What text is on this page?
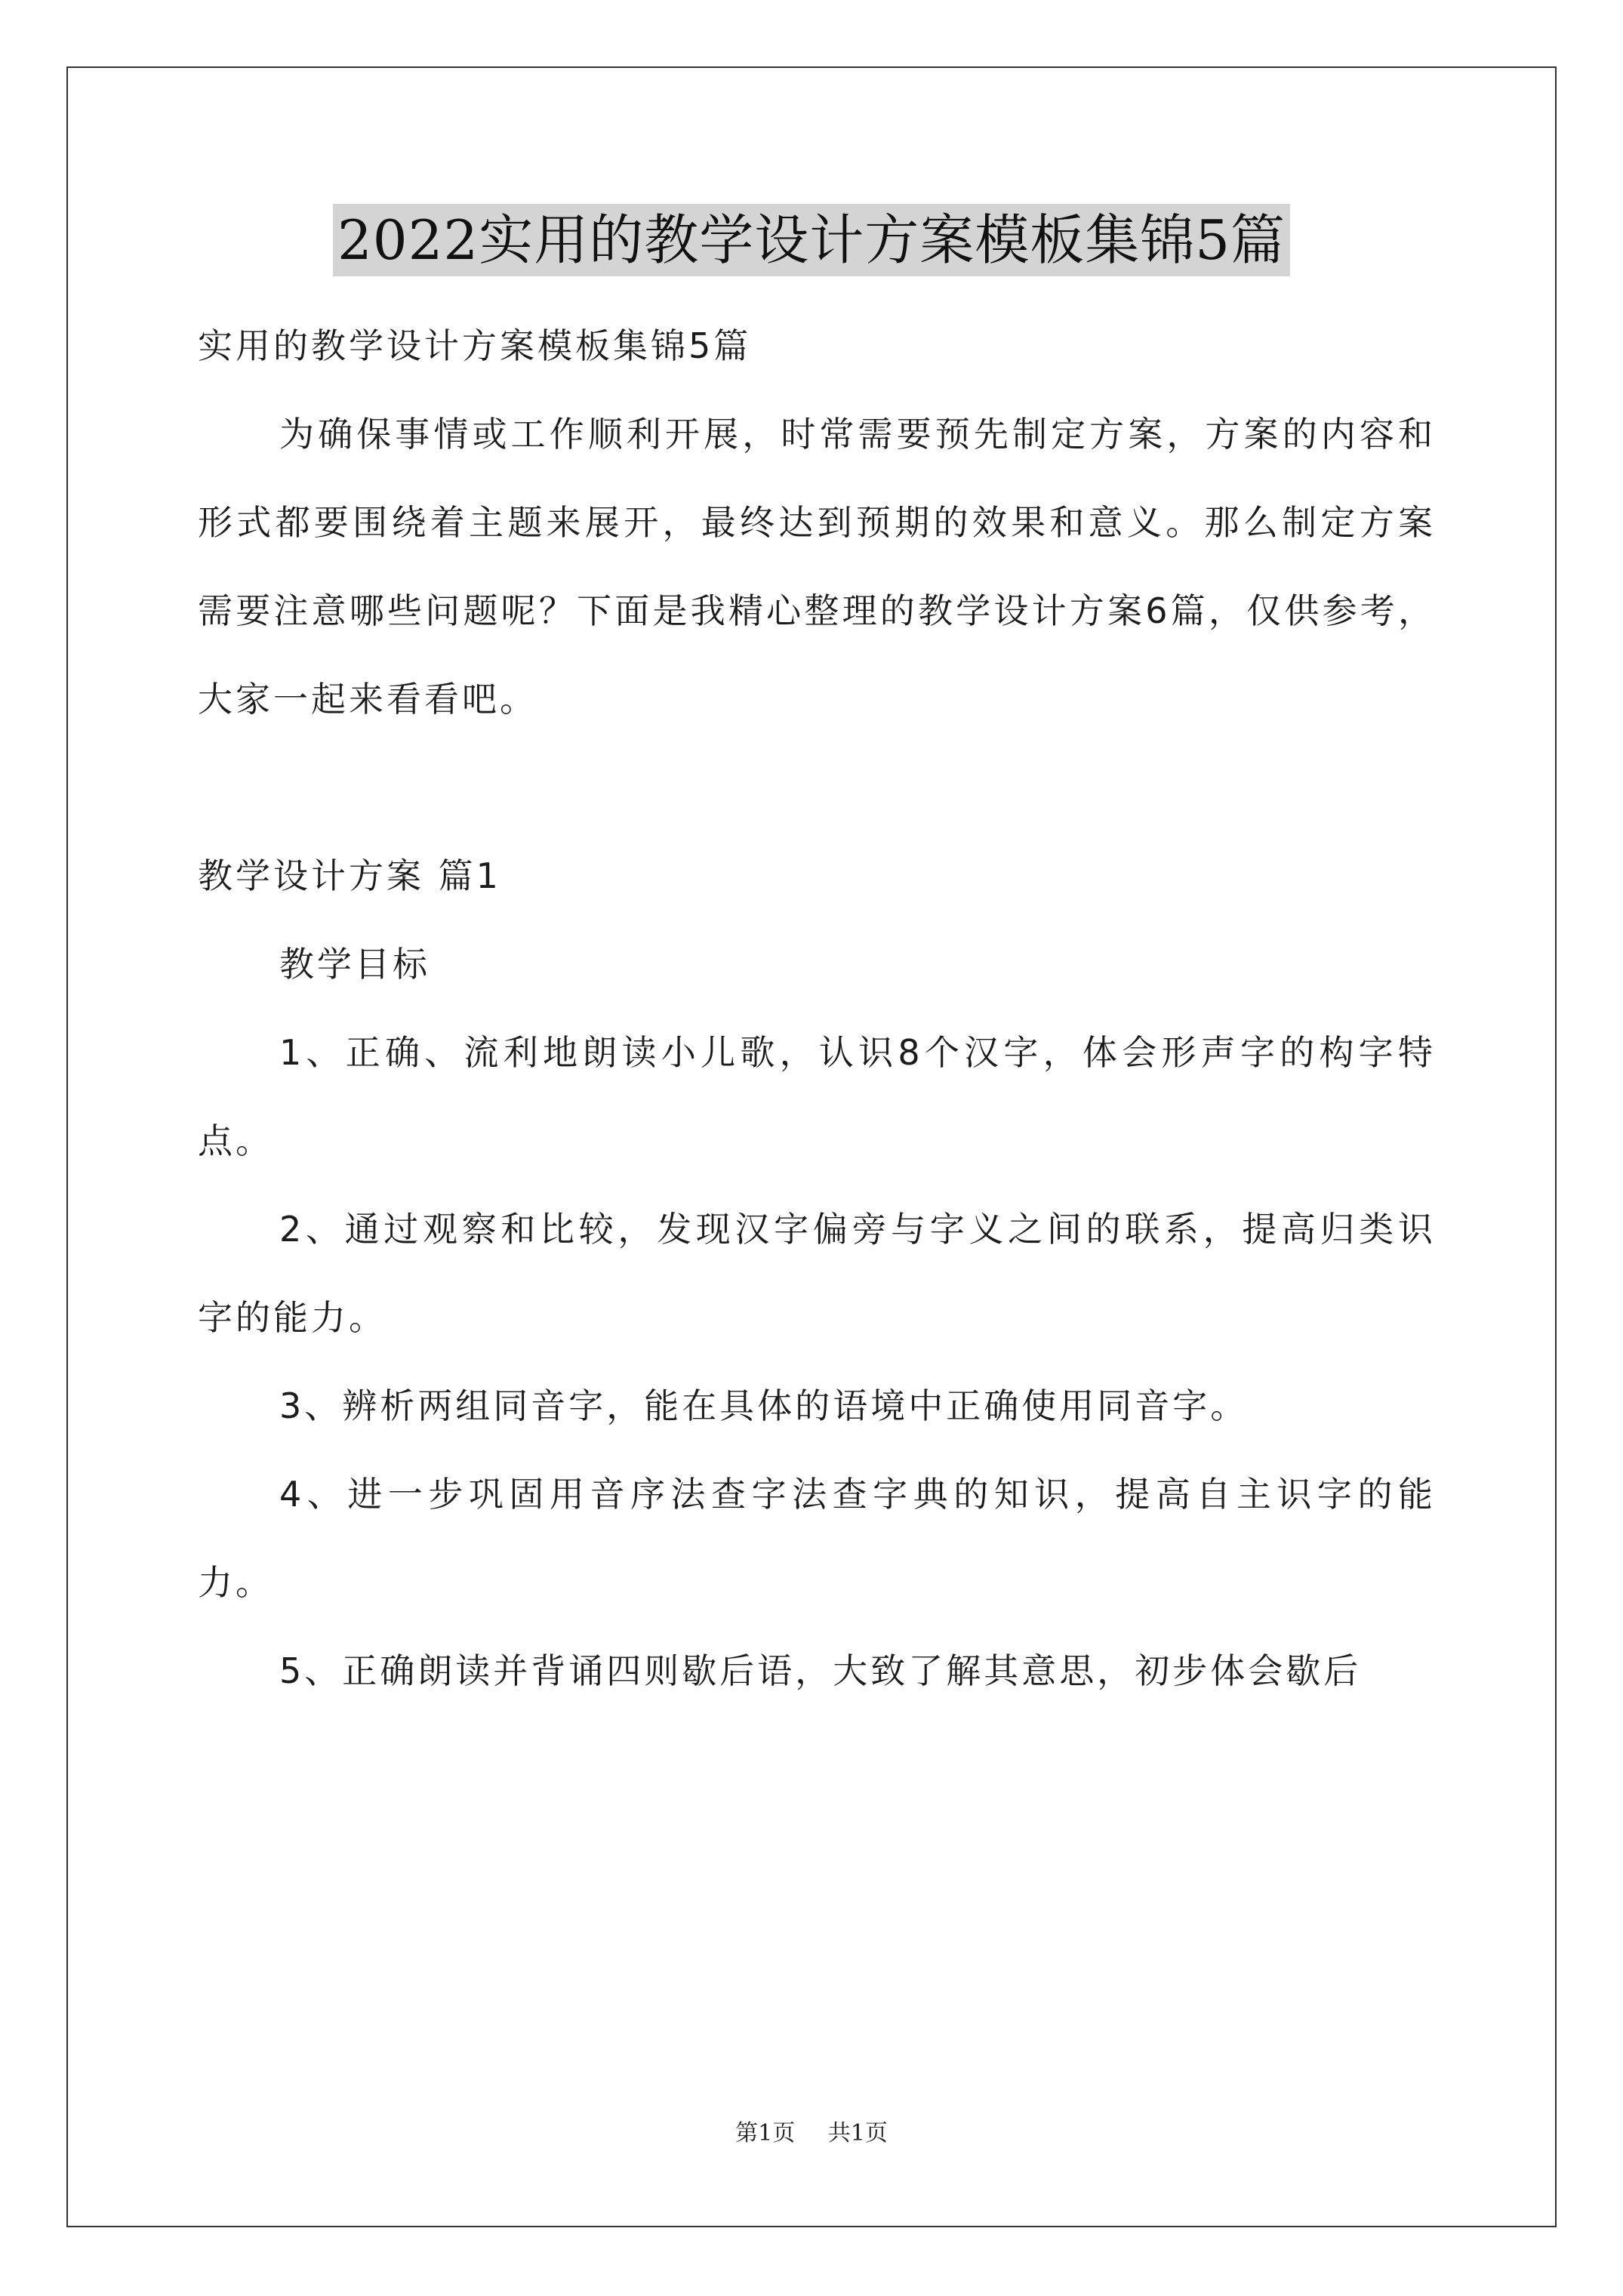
2022实用的教学设计方案模板集锦5篇

实用的教学设计方案模板集锦5篇

为确保事情或工作顺利开展，时常需要预先制定方案，方案的内容和形式都要围绕着主题来展开，最终达到预期的效果和意义。那么制定方案需要注意哪些问题呢？下面是我精心整理的教学设计方案6篇，仅供参考，大家一起来看看吧。

教学设计方案 篇1

教学目标

1、正确、流利地朗读小儿歌，认识8个汉字，体会形声字的构字特点。

2、通过观察和比较，发现汉字偏旁与字义之间的联系，提高归类识字的能力。

3、辨析两组同音字，能在具体的语境中正确使用同音字。

4、进一步巩固用音序法查字法查字典的知识，提高自主识字的能力。

5、正确朗读并背诵四则歇后语，大致了解其意思，初步体会歇后

第1页 共1页
